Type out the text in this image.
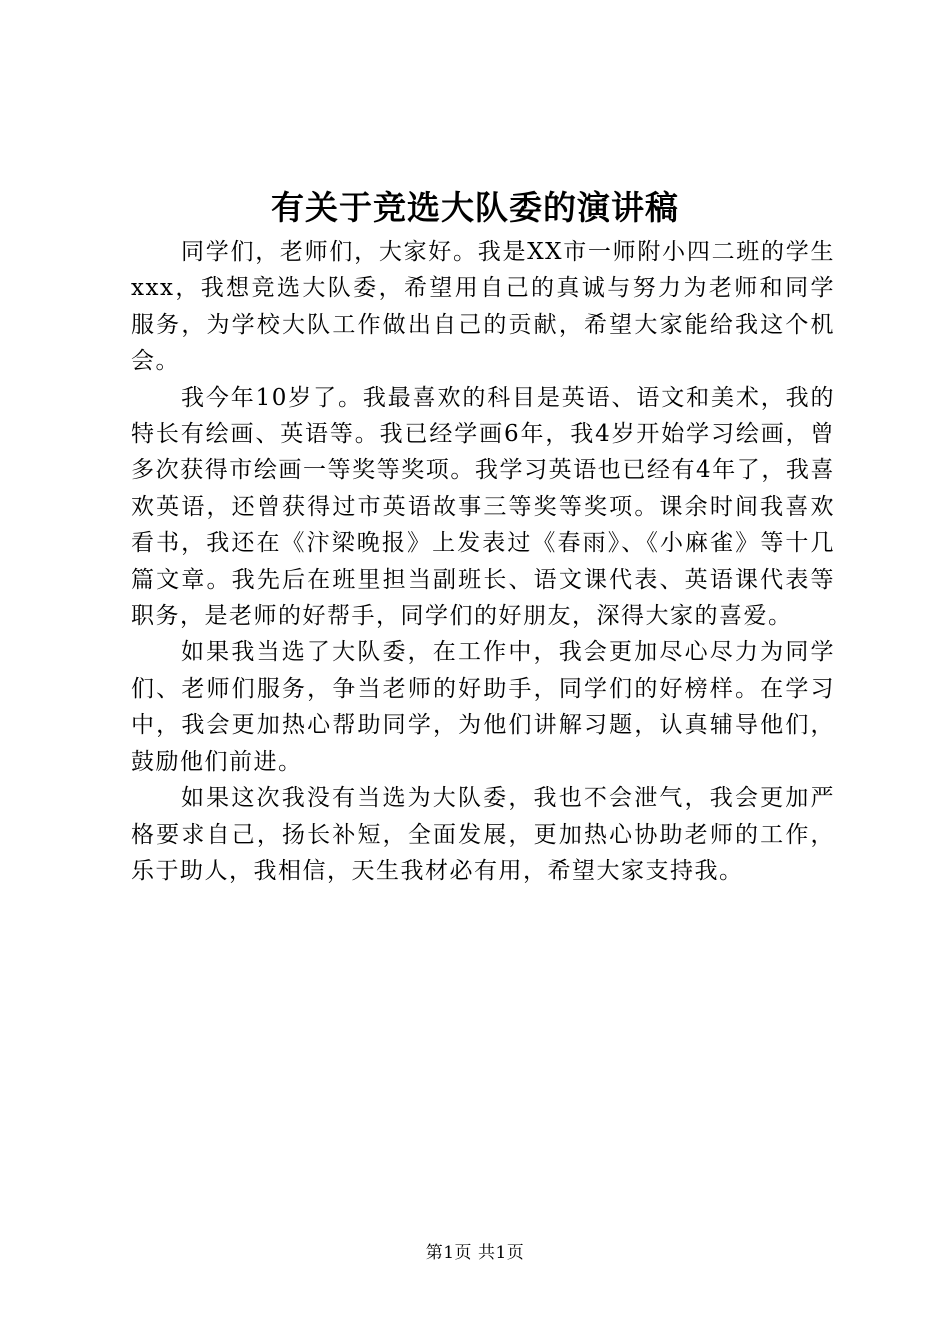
有关于竞选大队委的演讲稿

同学们，老师们，大家好。我是XX市一师附小四二班的学生xxx，我想竞选大队委，希望用自己的真诚与努力为老师和同学服务，为学校大队工作做出自己的贡献，希望大家能给我这个机会。

我今年10岁了。我最喜欢的科目是英语、语文和美术，我的特长有绘画、英语等。我已经学画6年，我4岁开始学习绘画，曾多次获得市绘画一等奖等奖项。我学习英语也已经有4年了，我喜欢英语，还曾获得过市英语故事三等奖等奖项。课余时间我喜欢看书，我还在《汴梁晚报》上发表过《春雨》、《小麻雀》等十几篇文章。我先后在班里担当副班长、语文课代表、英语课代表等职务，是老师的好帮手，同学们的好朋友，深得大家的喜爱。

如果我当选了大队委，在工作中，我会更加尽心尽力为同学们、老师们服务，争当老师的好助手，同学们的好榜样。在学习中，我会更加热心帮助同学，为他们讲解习题，认真辅导他们，鼓励他们前进。

如果这次我没有当选为大队委，我也不会泄气，我会更加严格要求自己，扬长补短，全面发展，更加热心协助老师的工作，乐于助人，我相信，天生我材必有用，希望大家支持我。

第1页 共1页
